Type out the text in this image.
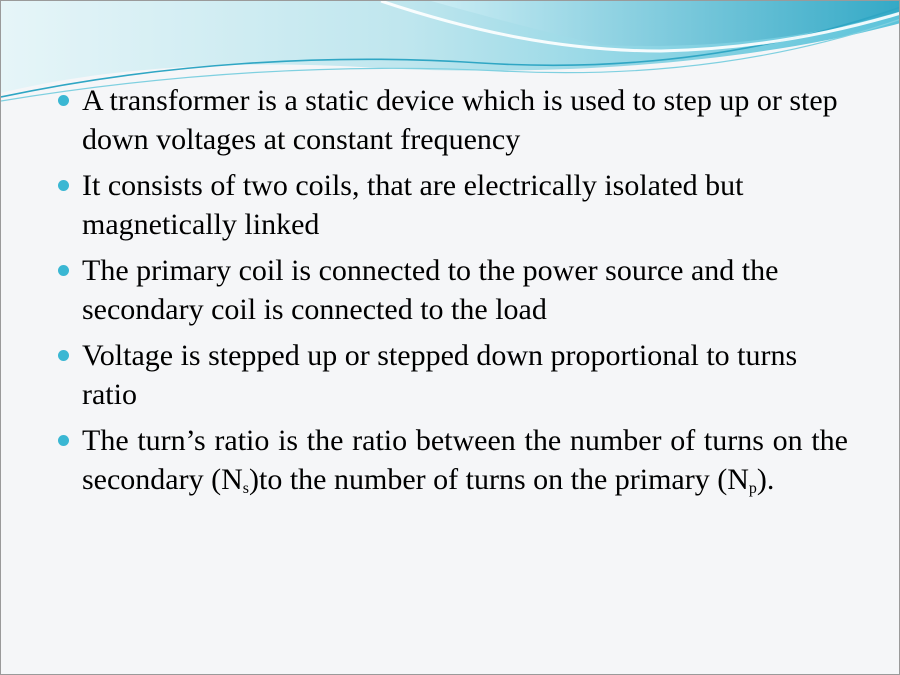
A transformer is a static device which is used to step up or step down voltages at constant frequency
It consists of two coils, that are electrically isolated but magnetically linked
The primary coil is connected to the power source and the secondary coil is connected to the load
Voltage is stepped up or stepped down proportional to turns ratio
The turn’s ratio is the ratio between the number of turns on the secondary (Ns)to the number of turns on the primary (Np).
